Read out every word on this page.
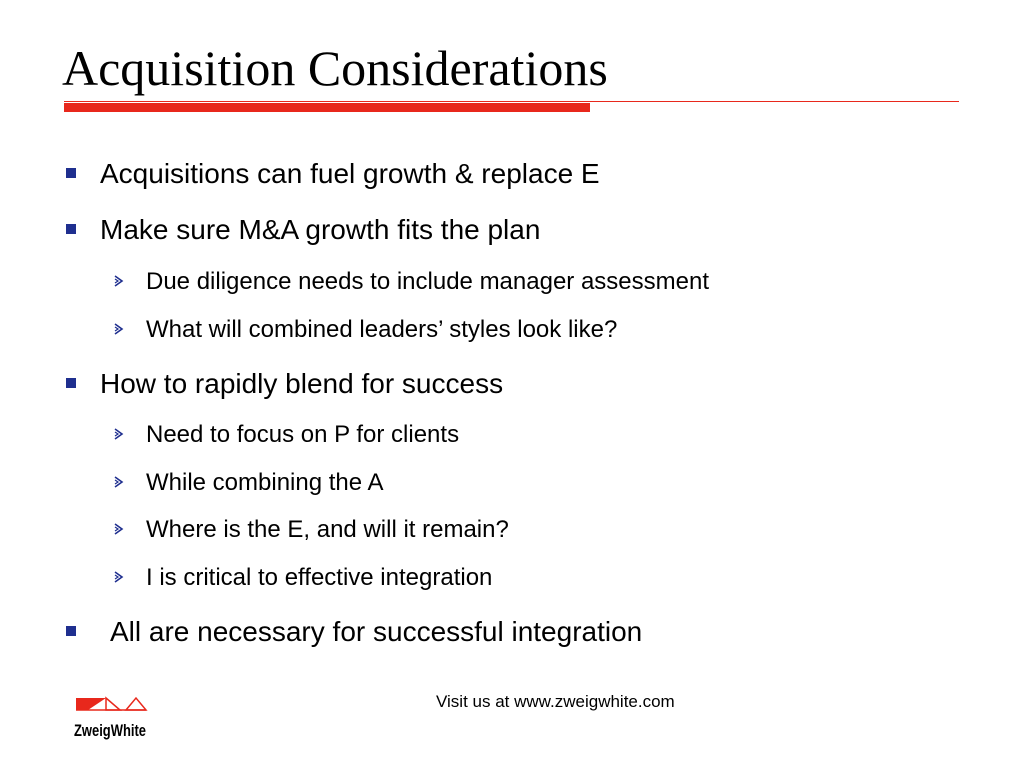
Acquisition Considerations
Acquisitions can fuel growth & replace E
Make sure M&A growth fits the plan
Due diligence needs to include manager assessment
What will combined leaders’ styles look like?
How to rapidly blend for success
Need to focus on P for clients
While combining the A
Where is the E, and will it remain?
I is critical to effective integration
All are necessary for successful integration
Visit us at www.zweigwhite.com
ZweigWhite
